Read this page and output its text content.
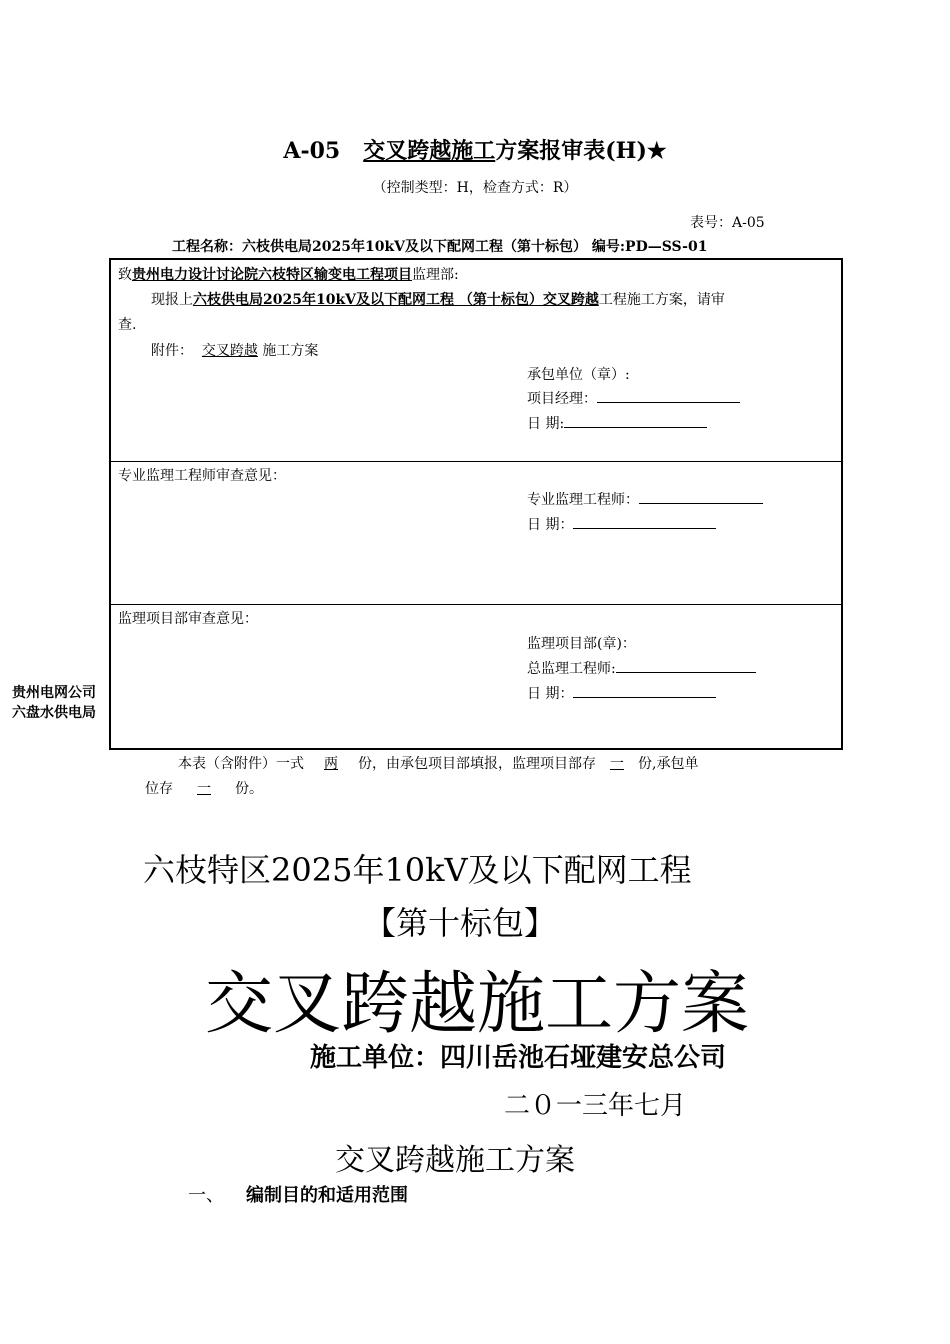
A-05 交叉跨越施工方案报审表(H)★
（控制类型：H，检查方式：R）
表号：A-05
工程名称：六枝供电局2025年10kV及以下配网工程（第十标包） 编号:PD—SS-01
致贵州电力设计讨论院六枝特区输变电工程项目监理部:
现报上六枝供电局2025年10kV及以下配网工程 （第十标包）交叉跨越工程施工方案，请审
查.
附件： 交叉跨越 施工方案
承包单位（章）:
项目经理：
日 期:
专业监理工程师审查意见：
专业监理工程师：
日 期：
监理项目部审查意见：
监理项目部(章)：
总监理工程师:
日 期：
贵州电网公司
六盘水供电局
本表（含附件）一式 两 份，由承包项目部填报，监理项目部存 一 份,承包单
位存 一 份。
六枝特区2025年10kV及以下配网工程
【第十标包】
交叉跨越施工方案
施工单位：四川岳池石垭建安总公司
二０一三年七月
交叉跨越施工方案
一、 编制目的和适用范围
